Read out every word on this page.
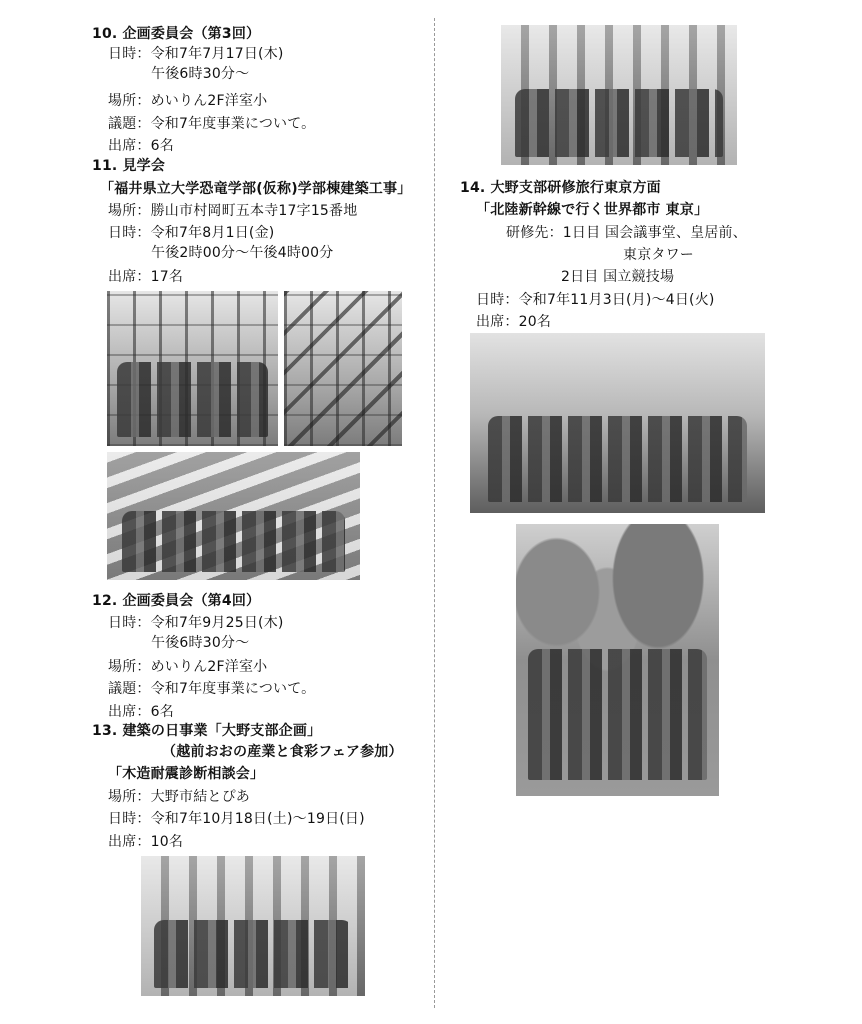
10. 企画委員会（第3回）
日時：令和7年7月17日(木)
午後6時30分～
場所：めいりん2F洋室小
議題：令和7年度事業について。
出席：6名
11. 見学会
「福井県立大学恐竜学部(仮称)学部棟建築工事」
場所：勝山市村岡町五本寺17字15番地
日時：令和7年8月1日(金)
午後2時00分～午後4時00分
出席：17名
12. 企画委員会（第4回）
日時：令和7年9月25日(木)
午後6時30分～
場所：めいりん2F洋室小
議題：令和7年度事業について。
出席：6名
13. 建築の日事業「大野支部企画」
（越前おおの産業と食彩フェア参加）
「木造耐震診断相談会」
場所：大野市結とぴあ
日時：令和7年10月18日(土)～19日(日)
出席：10名
14. 大野支部研修旅行東京方面
「北陸新幹線で行く世界都市 東京」
研修先：1日目 国会議事堂、皇居前、
東京タワー
2日目 国立競技場
日時：令和7年11月3日(月)～4日(火)
出席：20名
